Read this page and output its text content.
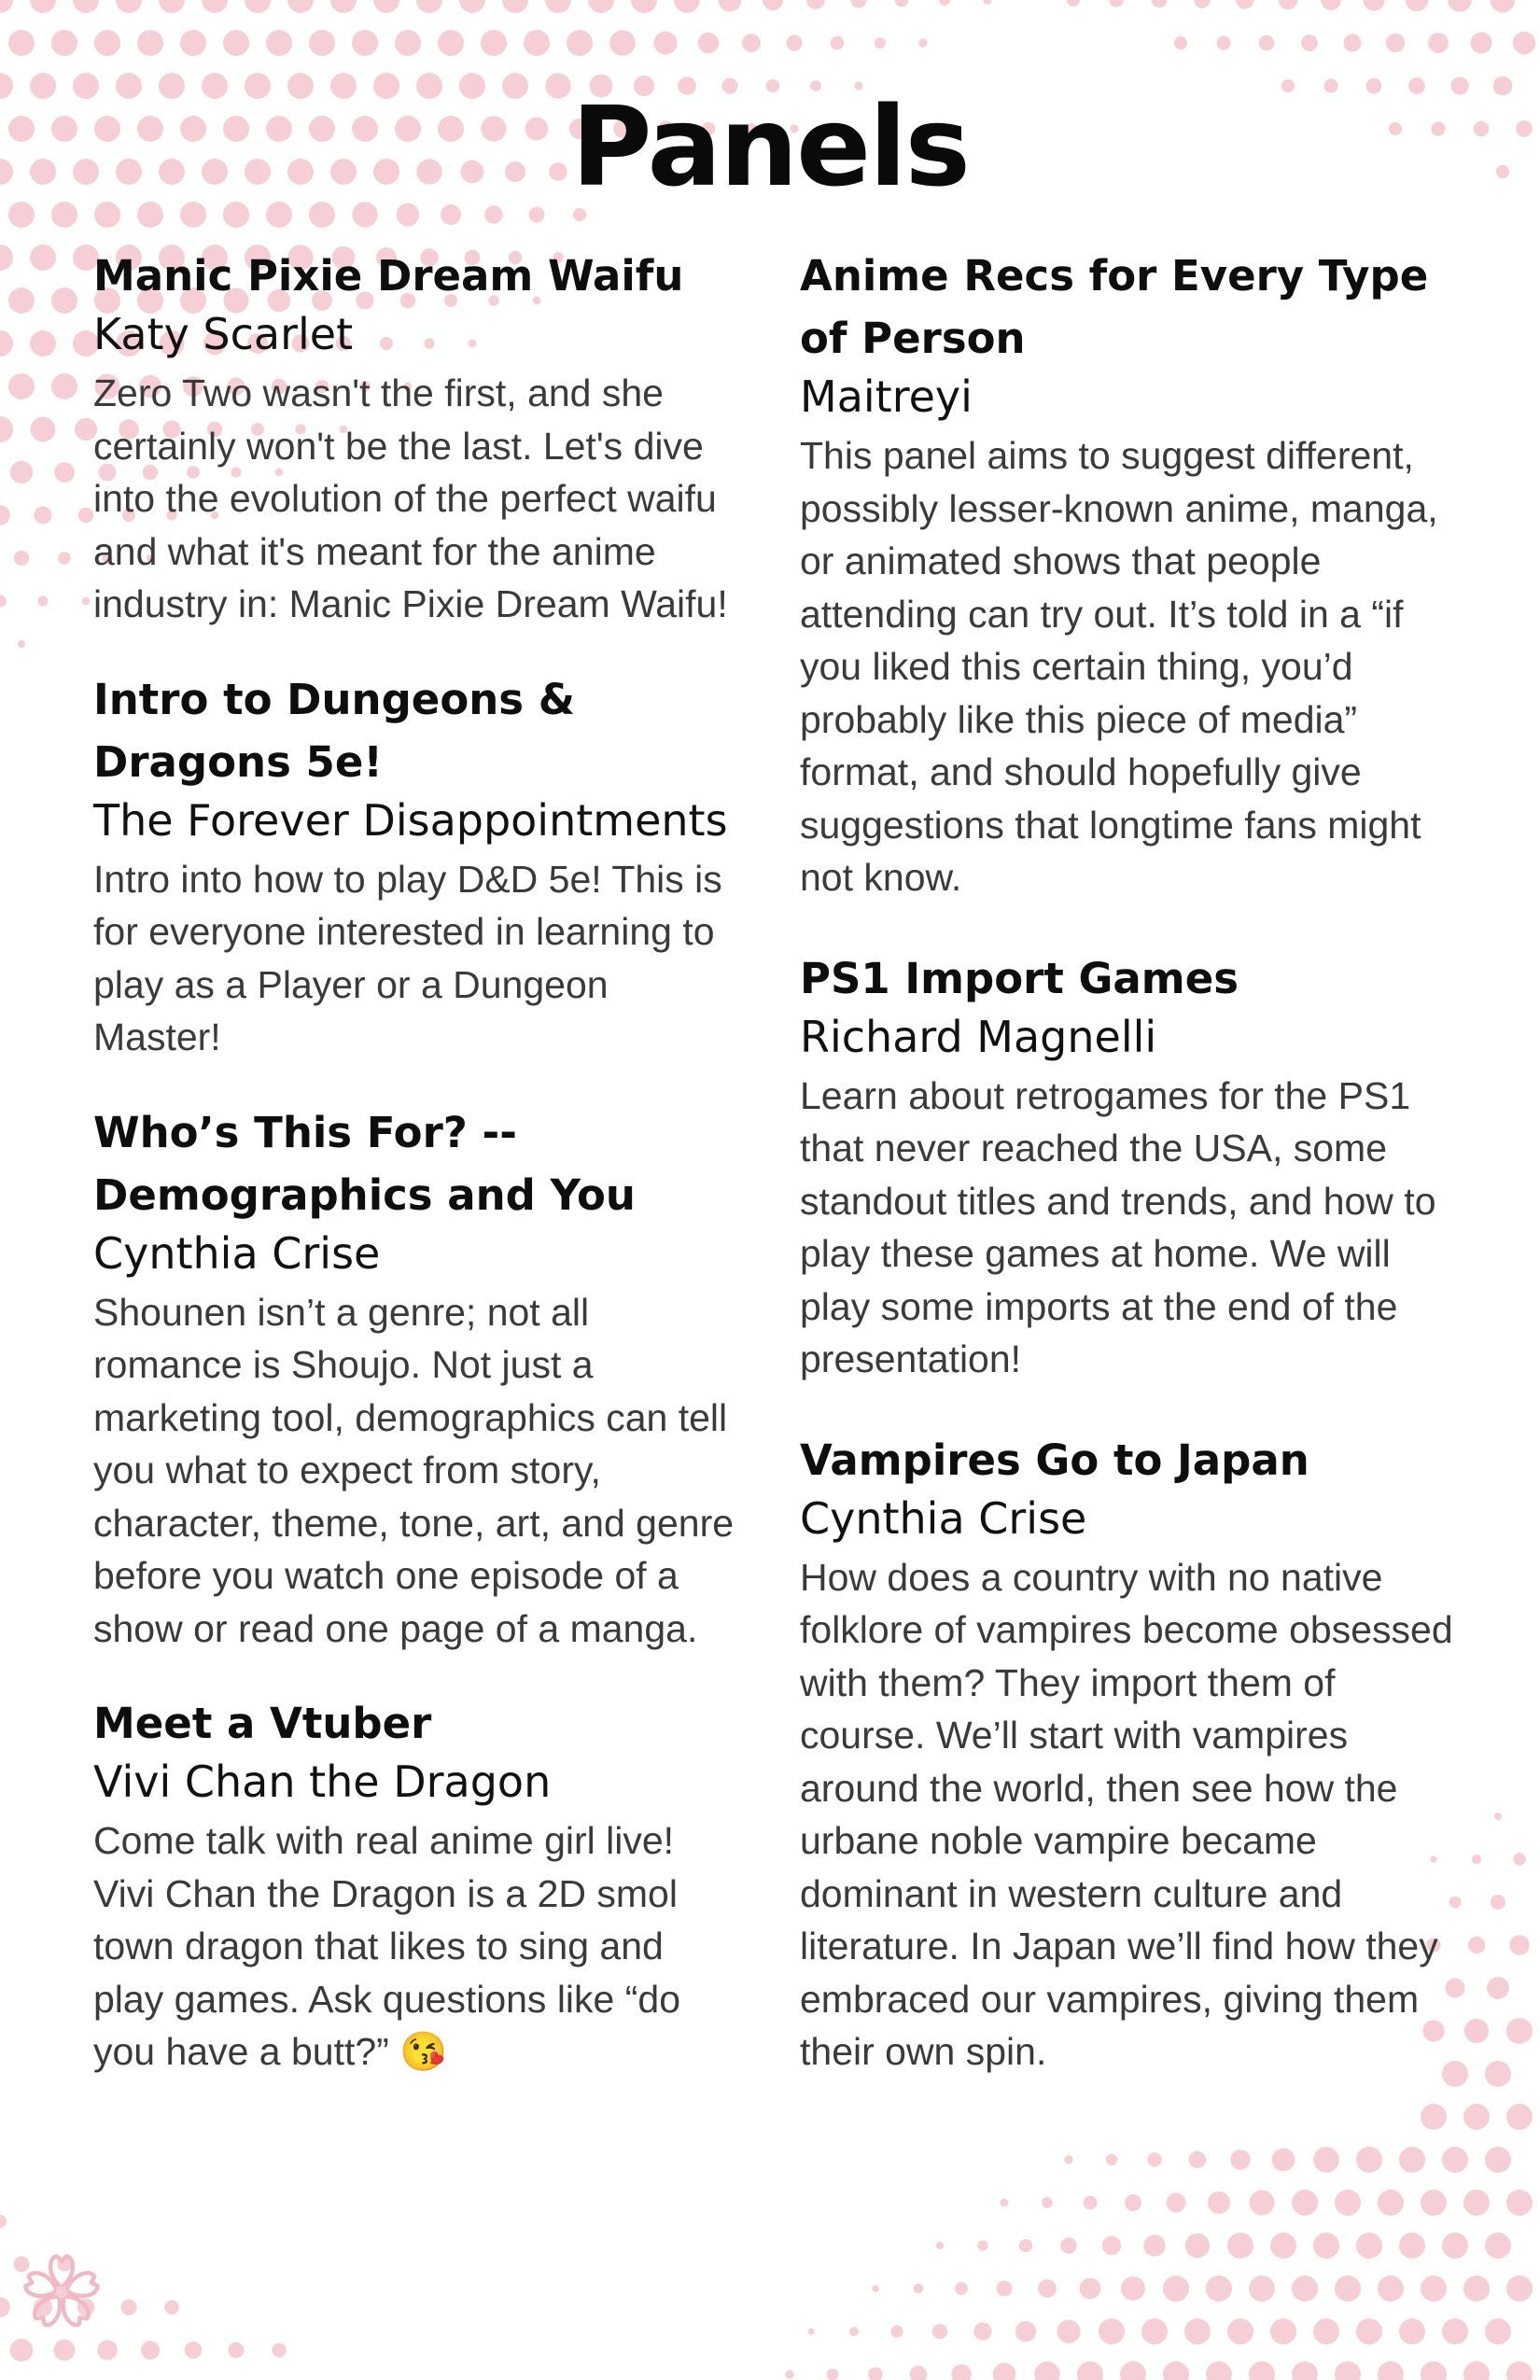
Panels

Manic Pixie Dream Waifu

Katy Scarlet

Zero Two wasn't the first, and she certainly won't be the last. Let's dive into the evolution of the perfect waifu and what it's meant for the anime industry in: Manic Pixie Dream Waifu!

Intro to Dungeons & Dragons 5e!

The Forever Disappointments

Intro into how to play D&D 5e! This is for everyone interested in learning to play as a Player or a Dungeon Master!

Who’s This For? -- Demographics and You

Cynthia Crise

Shounen isn’t a genre; not all romance is Shoujo. Not just a marketing tool, demographics can tell you what to expect from story, character, theme, tone, art, and genre before you watch one episode of a show or read one page of a manga.

Meet a Vtuber

Vivi Chan the Dragon

Come talk with real anime girl live! Vivi Chan the Dragon is a 2D smol town dragon that likes to sing and play games. Ask questions like “do you have a butt?” 😘

Anime Recs for Every Type of Person

Maitreyi

This panel aims to suggest different, possibly lesser-known anime, manga, or animated shows that people attending can try out. It’s told in a “if you liked this certain thing, you’d probably like this piece of media” format, and should hopefully give suggestions that longtime fans might not know.

PS1 Import Games

Richard Magnelli

Learn about retrogames for the PS1 that never reached the USA, some standout titles and trends, and how to play these games at home. We will play some imports at the end of the presentation!

Vampires Go to Japan

Cynthia Crise

How does a country with no native folklore of vampires become obsessed with them? They import them of course. We’ll start with vampires around the world, then see how the urbane noble vampire became dominant in western culture and literature. In Japan we’ll find how they embraced our vampires, giving them their own spin.
